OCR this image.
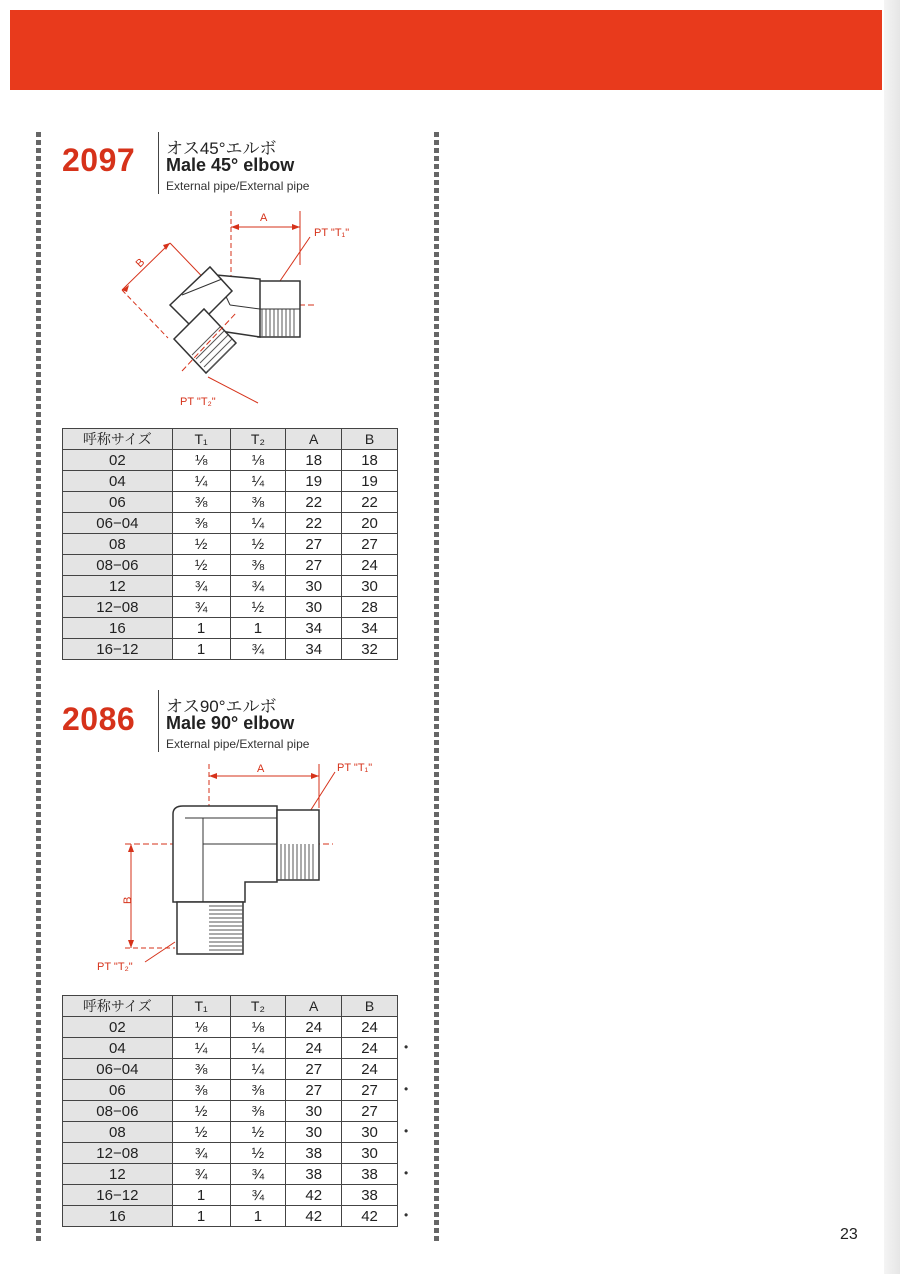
2097 オス45°エルボ
Male 45° elbow
External pipe/External pipe
A
PT "T₁"
B
PT "T₂"
呼称サイズ	T₁	T₂	A	B
02	⅛	⅛	18	18
04	¼	¼	19	19
06	⅜	⅜	22	22
06−04	⅜	¼	22	20
08	½	½	27	27
08−06	½	⅜	27	24
12	¾	¾	30	30
12−08	¾	½	30	28
16	1	1	34	34
16−12	1	¾	34	32
2086 オス90°エルボ
Male 90° elbow
External pipe/External pipe
A	PT "T₁"
B
PT "T₂"
呼称サイズ	T₁	T₂	A	B
02	⅛	⅛	24	24
04	¼	¼	24	24
06−04	⅜	¼	27	24
06	⅜	⅜	27	27
08−06	½	⅜	30	27
08	½	½	30	30
12−08	¾	½	38	30
12	¾	¾	38	38
16−12	1	¾	42	38
16	1	1	42	42
•
•
•
•
•
23
